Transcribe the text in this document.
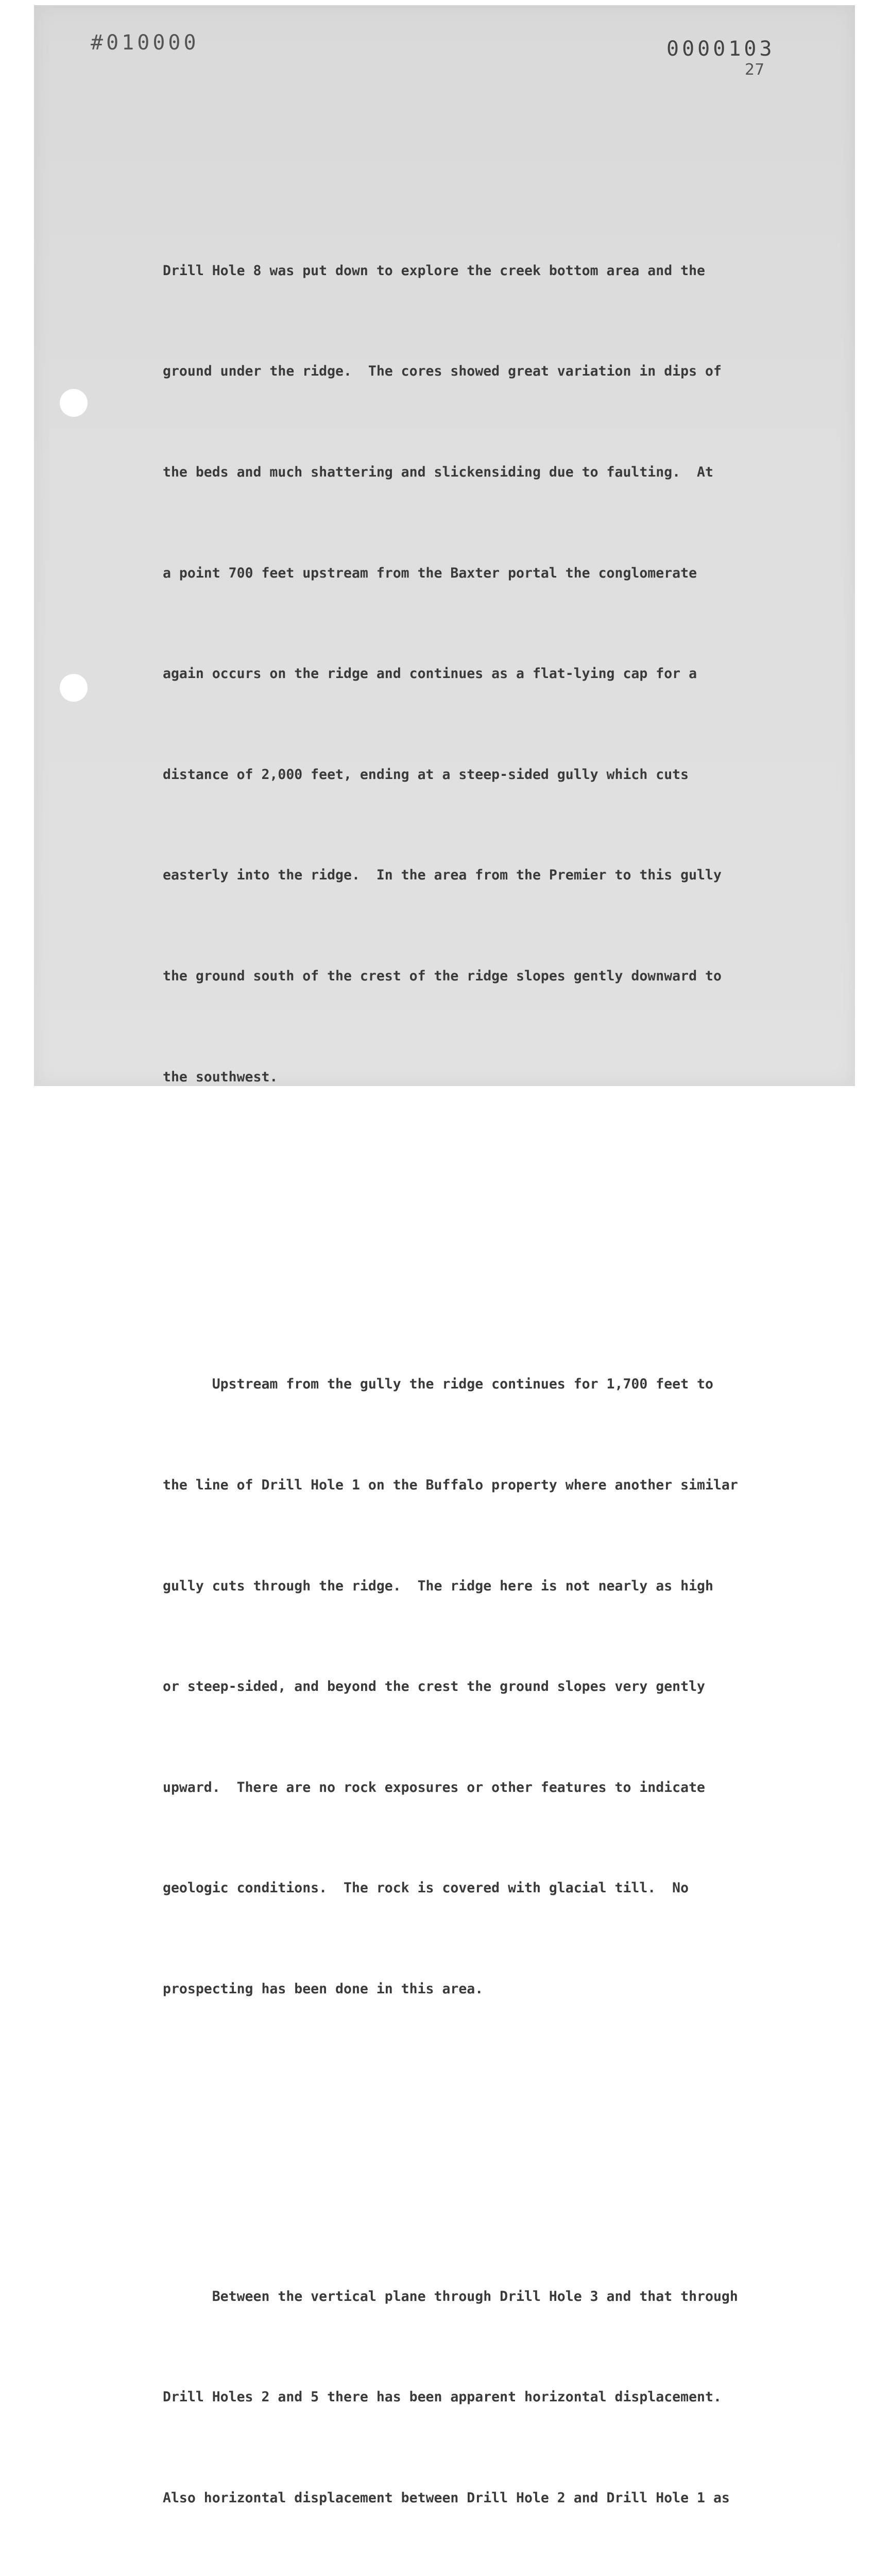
#010000	0000103
27

Drill Hole 8 was put down to explore the creek bottom area and the

ground under the ridge.  The cores showed great variation in dips of

the beds and much shattering and slickensiding due to faulting.  At

a point 700 feet upstream from the Baxter portal the conglomerate

again occurs on the ridge and continues as a flat-lying cap for a

distance of 2,000 feet, ending at a steep-sided gully which cuts

easterly into the ridge.  In the area from the Premier to this gully

the ground south of the crest of the ridge slopes gently downward to

the southwest.

Upstream from the gully the ridge continues for 1,700 feet to

the line of Drill Hole 1 on the Buffalo property where another similar

gully cuts through the ridge.  The ridge here is not nearly as high

or steep-sided, and beyond the crest the ground slopes very gently

upward.  There are no rock exposures or other features to indicate

geologic conditions.  The rock is covered with glacial till.  No

prospecting has been done in this area.

Between the vertical plane through Drill Hole 3 and that through

Drill Holes 2 and 5 there has been apparent horizontal displacement.

Also horizontal displacement between Drill Hole 2 and Drill Hole 1 as
